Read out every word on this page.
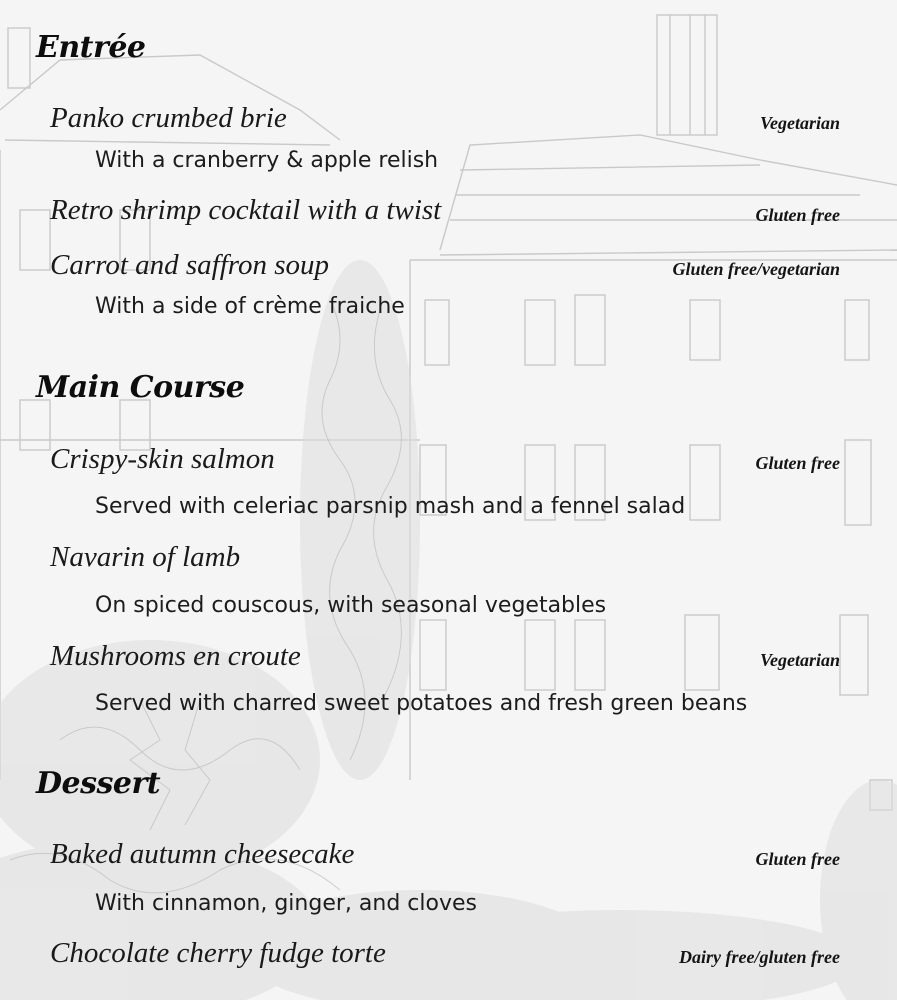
Entrée
Panko crumbed brie	Vegetarian
With a cranberry & apple relish
Retro shrimp cocktail with a twist	Gluten free
Carrot and saffron soup	Gluten free/vegetarian
With a side of crème fraiche
Main Course
Crispy-skin salmon	Gluten free
Served with celeriac parsnip mash and a fennel salad
Navarin of lamb
On spiced couscous, with seasonal vegetables
Mushrooms en croute	Vegetarian
Served with charred sweet potatoes and fresh green beans
Dessert
Baked autumn cheesecake	Gluten free
With cinnamon, ginger, and cloves
Chocolate cherry fudge torte	Dairy free/gluten free
